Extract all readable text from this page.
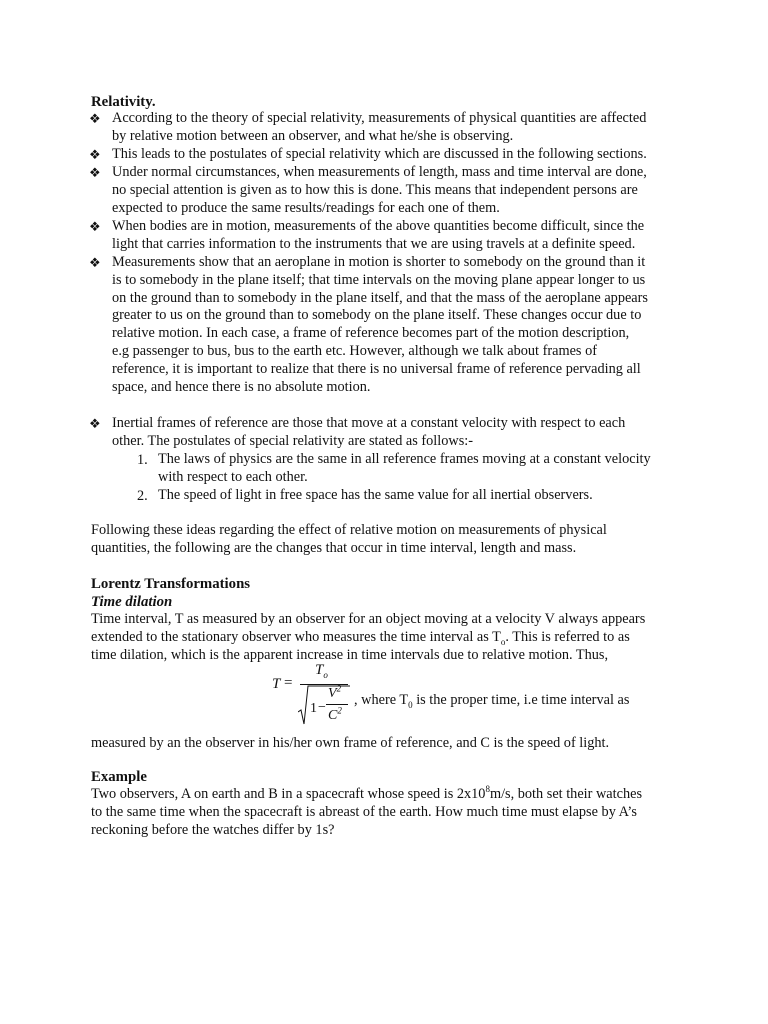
Relativity.
❖ According to the theory of special relativity, measurements of physical quantities are affected
by relative motion between an observer, and what he/she is observing.
❖ This leads to the postulates of special relativity which are discussed in the following sections.
❖ Under normal circumstances, when measurements of length, mass and time interval are done,
no special attention is given as to how this is done. This means that independent persons are
expected to produce the same results/readings for each one of them.
❖ When bodies are in motion, measurements of the above quantities become difficult, since the
light that carries information to the instruments that we are using travels at a definite speed.
❖ Measurements show that an aeroplane in motion is shorter to somebody on the ground than it
is to somebody in the plane itself; that time intervals on the moving plane appear longer to us
on the ground than to somebody in the plane itself, and that the mass of the aeroplane appears
greater to us on the ground than to somebody on the plane itself. These changes occur due to
relative motion. In each case, a frame of reference becomes part of the motion description,
e.g passenger to bus, bus to the earth etc. However, although we talk about frames of
reference, it is important to realize that there is no universal frame of reference pervading all
space, and hence there is no absolute motion.
❖ Inertial frames of reference are those that move at a constant velocity with respect to each
other. The postulates of special relativity are stated as follows:-
1. The laws of physics are the same in all reference frames moving at a constant velocity
with respect to each other.
2. The speed of light in free space has the same value for all inertial observers.
Following these ideas regarding the effect of relative motion on measurements of physical
quantities, the following are the changes that occur in time interval, length and mass.
Lorentz Transformations
Time dilation
Time interval, T as measured by an observer for an object moving at a velocity V always appears
extended to the stationary observer who measures the time interval as $T_o$. This is referred to as
time dilation, which is the apparent increase in time intervals due to relative motion. Thus,
T =
$T_o$
1 −
$V^2$
$C^2$
, where $T_0$ is the proper time, i.e time interval as
measured by an the observer in his/her own frame of reference, and C is the speed of light.
Example
Two observers, A on earth and B in a spacecraft whose speed is $2x10^8m/s$, both set their watches
to the same time when the spacecraft is abreast of the earth. How much time must elapse by A’s
reckoning before the watches differ by 1s?
